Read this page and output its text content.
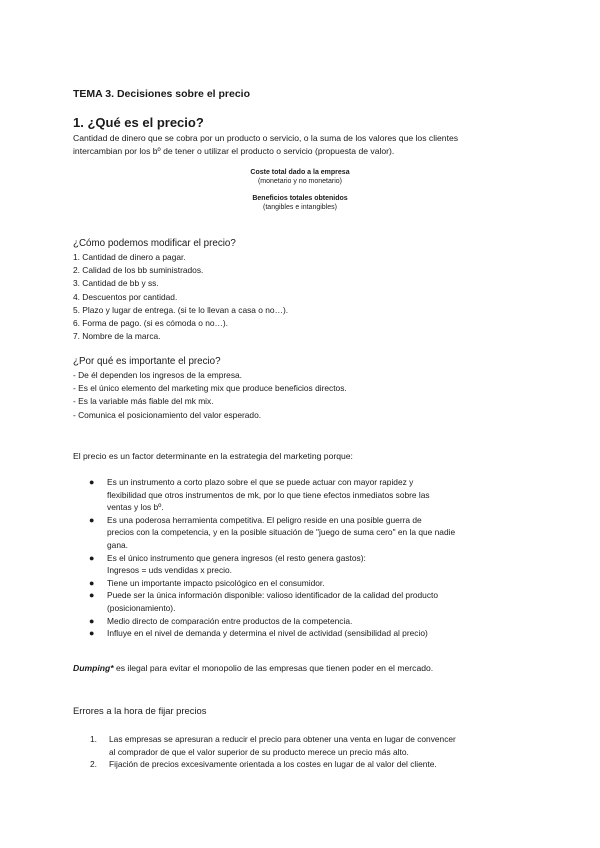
TEMA 3. Decisiones sobre el precio
1. ¿Qué es el precio?
Cantidad de dinero que se cobra por un producto o servicio, o la suma de los valores que los clientes
intercambian por los bº de tener o utilizar el producto o servicio (propuesta de valor).
Coste total dado a la empresa
(monetario y no monetario)
Beneficios totales obtenidos
(tangibles e intangibles)
¿Cómo podemos modificar el precio?
1. Cantidad de dinero a pagar.
2. Calidad de los bb suministrados.
3. Cantidad de bb y ss.
4. Descuentos por cantidad.
5. Plazo y lugar de entrega. (si te lo llevan a casa o no…).
6. Forma de pago. (si es cómoda o no…).
7. Nombre de la marca.
¿Por qué es importante el precio?
- De él dependen los ingresos de la empresa.
- Es el único elemento del marketing mix que produce beneficios directos.
- Es la variable más fiable del mk mix.
- Comunica el posicionamiento del valor esperado.
El precio es un factor determinante en la estrategia del marketing porque:
● Es un instrumento a corto plazo sobre el que se puede actuar con mayor rapidez y
flexibilidad que otros instrumentos de mk, por lo que tiene efectos inmediatos sobre las
ventas y los bº.
● Es una poderosa herramienta competitiva. El peligro reside en una posible guerra de
precios con la competencia, y en la posible situación de "juego de suma cero" en la que nadie
gana.
● Es el único instrumento que genera ingresos (el resto genera gastos):
Ingresos = uds vendidas x precio.
● Tiene un importante impacto psicológico en el consumidor.
● Puede ser la única información disponible: valioso identificador de la calidad del producto
(posicionamiento).
● Medio directo de comparación entre productos de la competencia.
● Influye en el nivel de demanda y determina el nivel de actividad (sensibilidad al precio)
Dumping* es ilegal para evitar el monopolio de las empresas que tienen poder en el mercado.
Errores a la hora de fijar precios
1. Las empresas se apresuran a reducir el precio para obtener una venta en lugar de convencer
al comprador de que el valor superior de su producto merece un precio más alto.
2. Fijación de precios excesivamente orientada a los costes en lugar de al valor del cliente.
